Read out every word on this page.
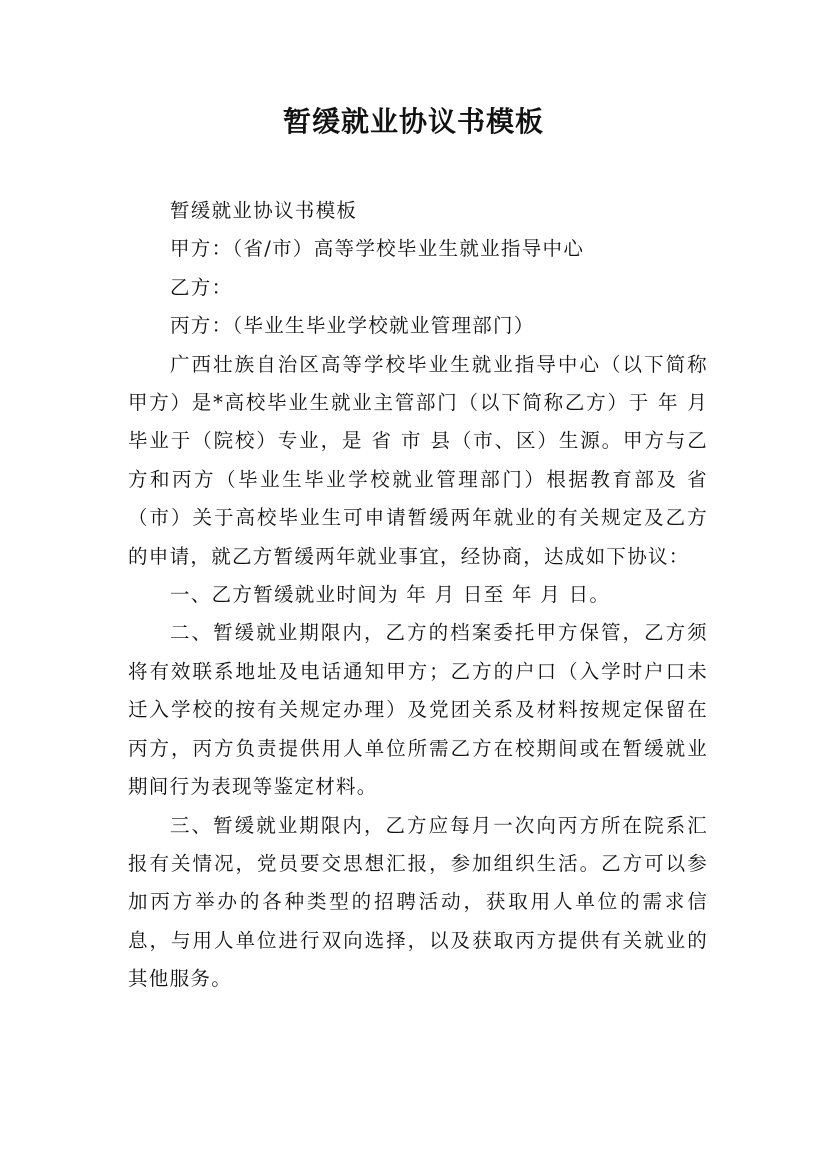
暂缓就业协议书模板

暂缓就业协议书模板

甲方：（省/市）高等学校毕业生就业指导中心

乙方：

丙方：（毕业生毕业学校就业管理部门）

广西壮族自治区高等学校毕业生就业指导中心（以下简称甲方）是*高校毕业生就业主管部门（以下简称乙方）于 年 月毕业于（院校）专业，是 省 市 县（市、区）生源。甲方与乙方和丙方（毕业生毕业学校就业管理部门）根据教育部及 省（市）关于高校毕业生可申请暂缓两年就业的有关规定及乙方的申请，就乙方暂缓两年就业事宜，经协商，达成如下协议：

一、乙方暂缓就业时间为 年 月 日至 年 月 日。

二、暂缓就业期限内，乙方的档案委托甲方保管，乙方须将有效联系地址及电话通知甲方；乙方的户口（入学时户口未迁入学校的按有关规定办理）及党团关系及材料按规定保留在丙方，丙方负责提供用人单位所需乙方在校期间或在暂缓就业期间行为表现等鉴定材料。

三、暂缓就业期限内，乙方应每月一次向丙方所在院系汇报有关情况，党员要交思想汇报，参加组织生活。乙方可以参加丙方举办的各种类型的招聘活动，获取用人单位的需求信息，与用人单位进行双向选择，以及获取丙方提供有关就业的其他服务。
